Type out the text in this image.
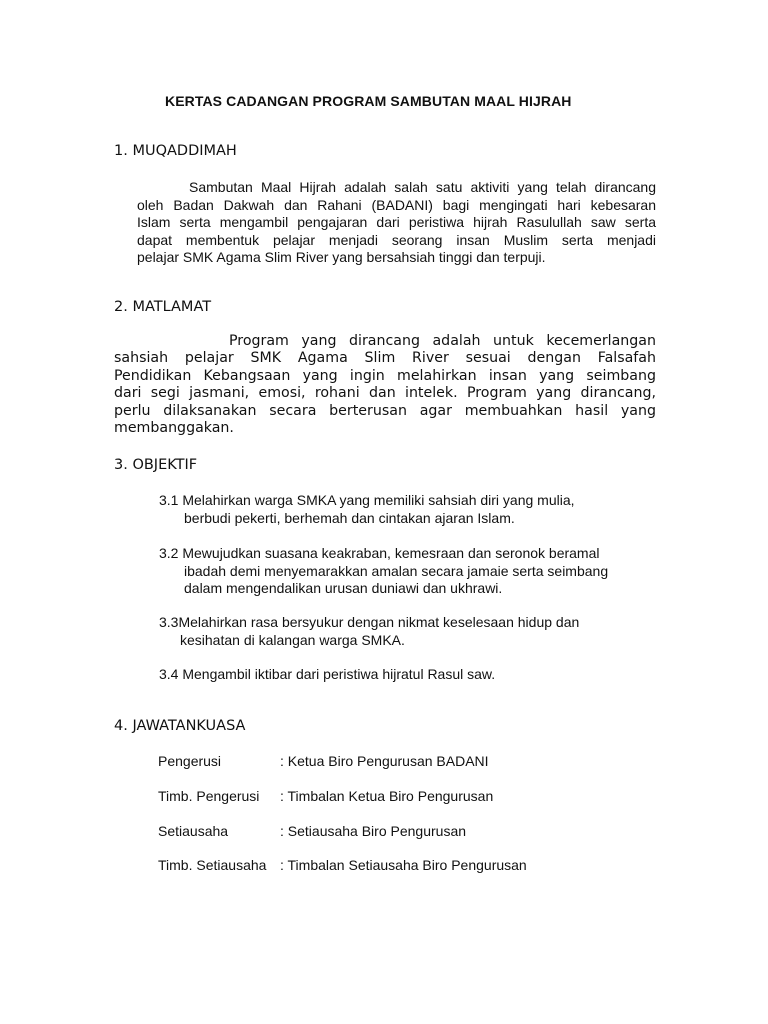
KERTAS CADANGAN PROGRAM SAMBUTAN MAAL HIJRAH
1. MUQADDIMAH
Sambutan Maal Hijrah adalah salah satu aktiviti yang telah dirancang
oleh Badan Dakwah dan Rahani (BADANI) bagi mengingati hari kebesaran
Islam serta mengambil pengajaran dari peristiwa hijrah Rasulullah saw serta
dapat membentuk pelajar menjadi seorang insan Muslim serta menjadi
pelajar SMK Agama Slim River yang bersahsiah tinggi dan terpuji.
2. MATLAMAT
Program yang dirancang adalah untuk kecemerlangan
sahsiah pelajar SMK Agama Slim River sesuai dengan Falsafah
Pendidikan Kebangsaan yang ingin melahirkan insan yang seimbang
dari segi jasmani, emosi, rohani dan intelek. Program yang dirancang,
perlu dilaksanakan secara berterusan agar membuahkan hasil yang
membanggakan.
3. OBJEKTIF
3.1 Melahirkan warga SMKA yang memiliki sahsiah diri yang mulia,
berbudi pekerti, berhemah dan cintakan ajaran Islam.
3.2 Mewujudkan suasana keakraban, kemesraan dan seronok beramal
ibadah demi menyemarakkan amalan secara jamaie serta seimbang
dalam mengendalikan urusan duniawi dan ukhrawi.
3.3Melahirkan rasa bersyukur dengan nikmat keselesaan hidup dan
kesihatan di kalangan warga SMKA.
3.4 Mengambil iktibar dari peristiwa hijratul Rasul saw.
4. JAWATANKUASA
Pengerusi	: Ketua Biro Pengurusan BADANI
Timb. Pengerusi : Timbalan Ketua Biro Pengurusan
Setiausaha	: Setiausaha Biro Pengurusan
Timb. Setiausaha : Timbalan Setiausaha Biro Pengurusan
